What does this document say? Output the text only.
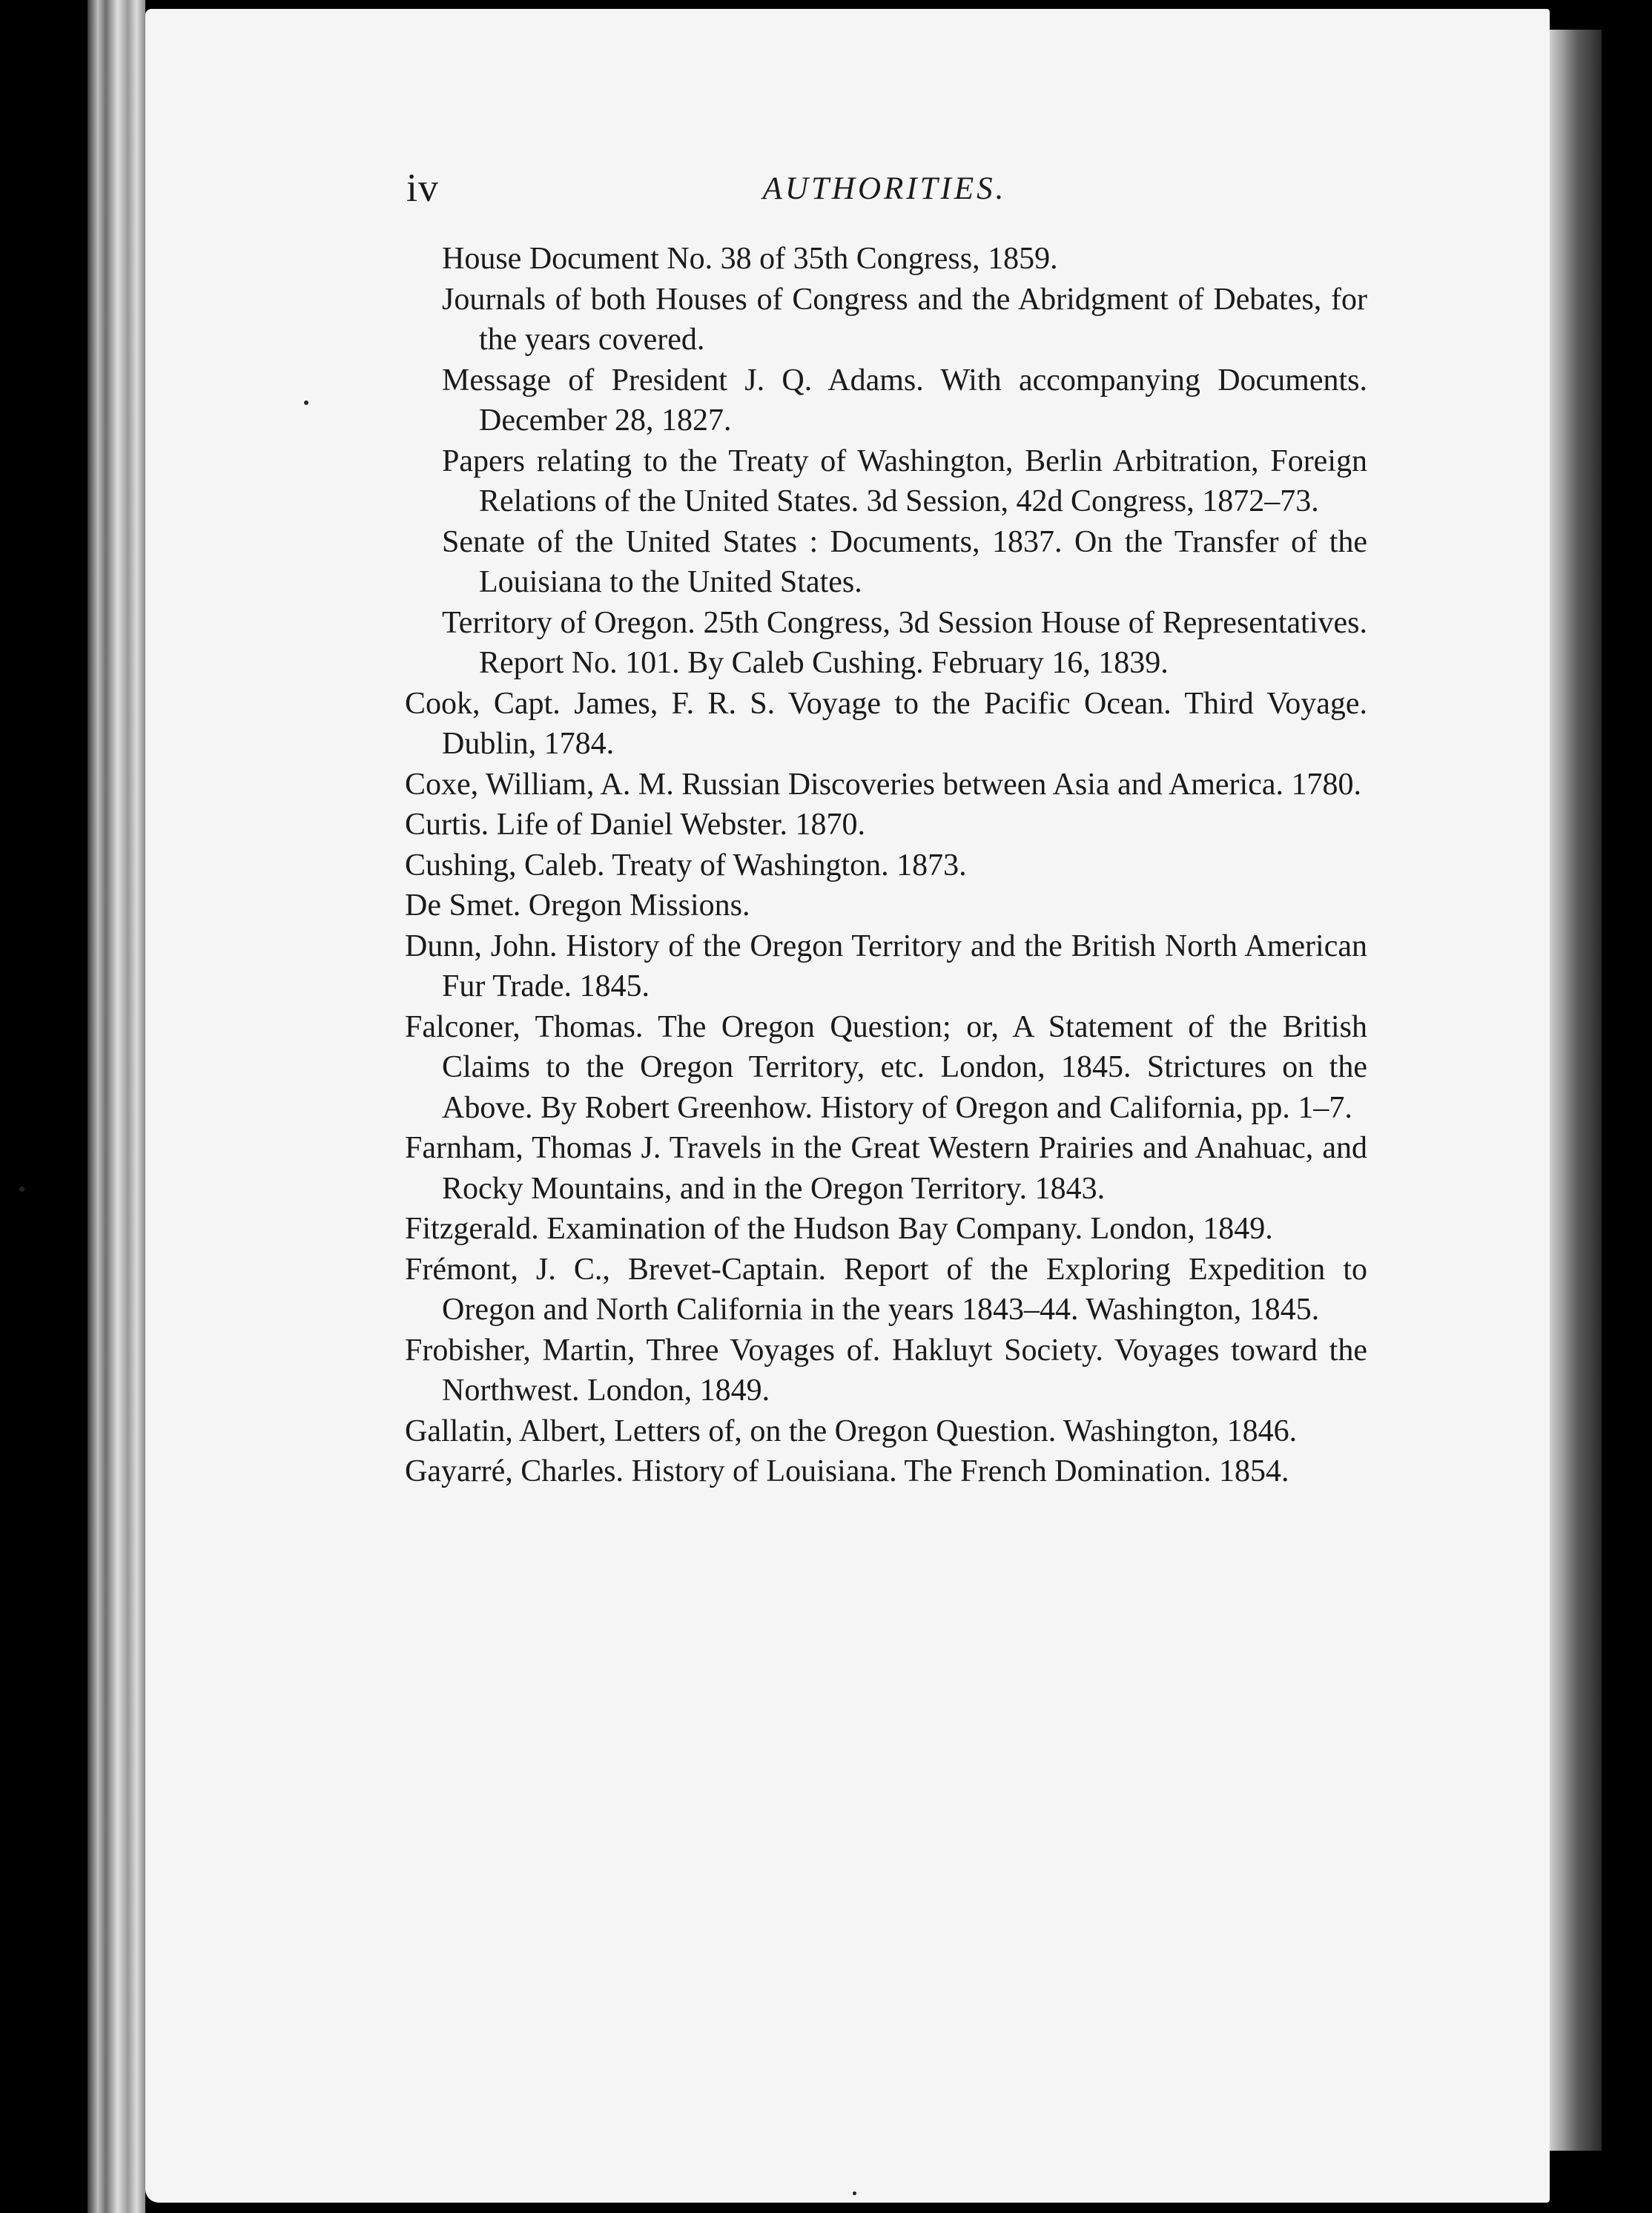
iv	AUTHORITIES.

House Document No. 38 of 35th Congress, 1859.

Journals of both Houses of Congress and the Abridgment of Debates, for the years covered.

Message of President J. Q. Adams. With accompanying Documents. December 28, 1827.

Papers relating to the Treaty of Washington, Berlin Arbitration, Foreign Relations of the United States. 3d Session, 42d Congress, 1872–73.

Senate of the United States : Documents, 1837. On the Transfer of the Louisiana to the United States.

Territory of Oregon. 25th Congress, 3d Session House of Representatives. Report No. 101. By Caleb Cushing. February 16, 1839.

Cook, Capt. James, F. R. S. Voyage to the Pacific Ocean. Third Voyage. Dublin, 1784.

Coxe, William, A. M. Russian Discoveries between Asia and America. 1780.

Curtis. Life of Daniel Webster. 1870.

Cushing, Caleb. Treaty of Washington. 1873.

De Smet. Oregon Missions.

Dunn, John. History of the Oregon Territory and the British North American Fur Trade. 1845.

Falconer, Thomas. The Oregon Question; or, A Statement of the British Claims to the Oregon Territory, etc. London, 1845. Strictures on the Above. By Robert Greenhow. History of Oregon and California, pp. 1–7.

Farnham, Thomas J. Travels in the Great Western Prairies and Anahuac, and Rocky Mountains, and in the Oregon Territory. 1843.

Fitzgerald. Examination of the Hudson Bay Company. London, 1849.

Frémont, J. C., Brevet-Captain. Report of the Exploring Expedition to Oregon and North California in the years 1843–44. Washington, 1845.

Frobisher, Martin, Three Voyages of. Hakluyt Society. Voyages toward the Northwest. London, 1849.

Gallatin, Albert, Letters of, on the Oregon Question. Washington, 1846.

Gayarré, Charles. History of Louisiana. The French Domination. 1854.
